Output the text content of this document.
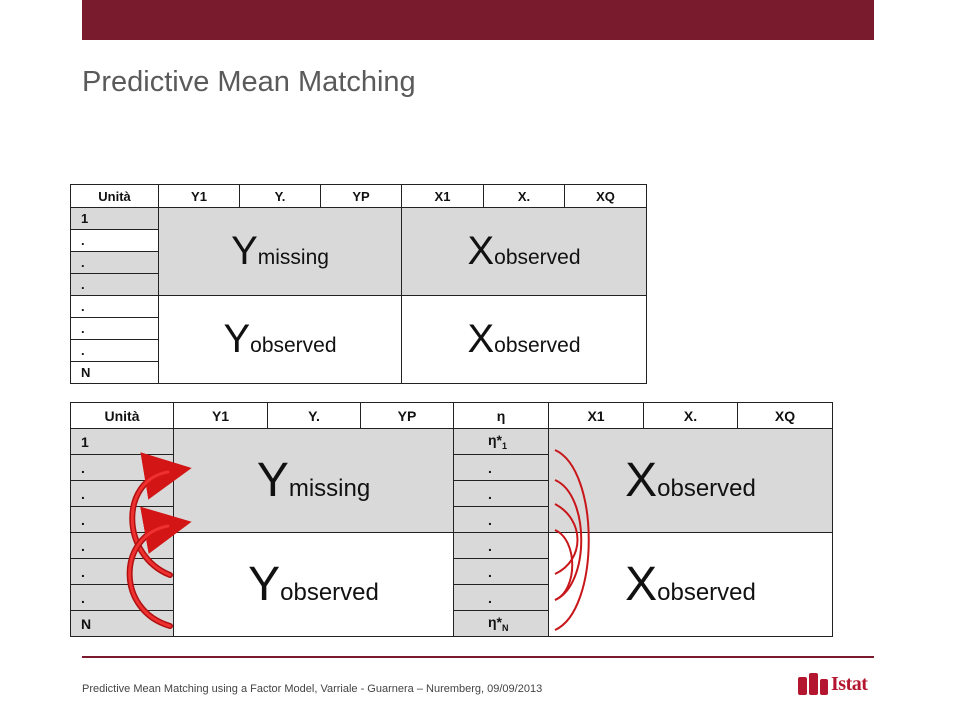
Predictive Mean Matching
Unità	Y1	Y.	YP	X1	X.	XQ
1	Ymissing			Xobserved		
.						
.						
.						
.	Yobserved			Xobserved		
.						
.						
N						
Unità	Y1	Y.	YP	η	X1	X.	XQ
1	Ymissing			$\eta*_1$	Xobserved		
.				.			
.				.			
.				.			
.	Yobserved			.	Xobserved		
.				.			
.				.			
N				$\eta*_N$
Predictive Mean Matching using a Factor Model, Varriale - Guarnera – Nuremberg, 09/09/2013	Istat
